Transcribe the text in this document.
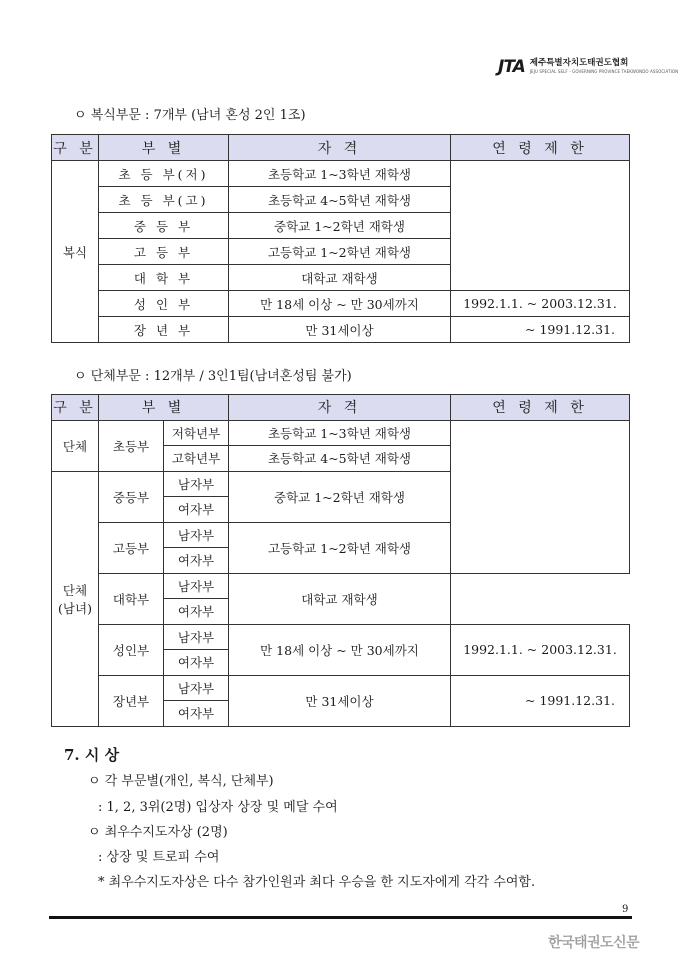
JTA 제주특별자치도태권도협회
JEJU SPECIAL SELF - GOVERNING PROVINCE TAEKWONDO ASSOCIATION
ㅇ 복식부문 : 7개부 (남녀 혼성 2인 1조)
구 분	부 별	자 격	연 령 제 한
복식	초 등 부(저)	초등학교 1~3학년 재학생	
	초 등 부(고)	초등학교 4~5학년 재학생	
	중 등 부	중학교 1~2학년 재학생	
	고 등 부	고등학교 1~2학년 재학생	
	대 학 부	대학교 재학생	
	성 인 부	만 18세 이상 ~ 만 30세까지	1992.1.1. ~ 2003.12.31.
	장 년 부	만 31세이상	~ 1991.12.31.
ㅇ 단체부문 : 12개부 / 3인1팀(남녀혼성팀 불가)
구 분	부 별		자 격	연 령 제 한
단체	초등부	저학년부	초등학교 1~3학년 재학생	
		고학년부	초등학교 4~5학년 재학생	
단체
(남녀)	중등부	남자부	중학교 1~2학년 재학생	
		여자부		
	고등부	남자부	고등학교 1~2학년 재학생	
		여자부		
	대학부	남자부	대학교 재학생	
		여자부		
	성인부	남자부	만 18세 이상 ~ 만 30세까지	1992.1.1. ~ 2003.12.31.
		여자부		
	장년부	남자부	만 31세이상	~ 1991.12.31.
		여자부		
7. 시 상
ㅇ 각 부문별(개인, 복식, 단체부)
: 1, 2, 3위(2명) 입상자 상장 및 메달 수여
ㅇ 최우수지도자상 (2명)
: 상장 및 트로피 수여
* 최우수지도자상은 다수 참가인원과 최다 우승을 한 지도자에게 각각 수여함.
9
한국태권도신문
